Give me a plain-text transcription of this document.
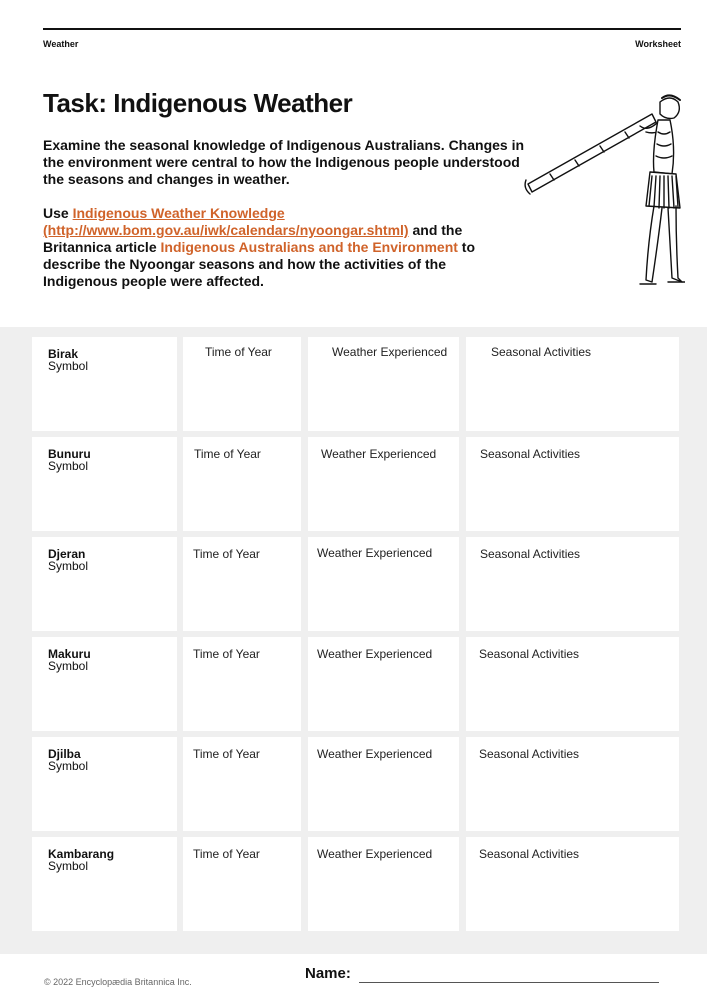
Weather	Worksheet
Task: Indigenous Weather

Examine the seasonal knowledge of Indigenous Australians. Changes in the environment were central to how the Indigenous people understood the seasons and changes in weather.

Use Indigenous Weather Knowledge
(http://www.bom.gov.au/iwk/calendars/nyoongar.shtml) and the Britannica article Indigenous Australians and the Environment to describe the Nyoongar seasons and how the activities of the Indigenous people were affected.

Birak
Symbol
Time of Year	Weather Experienced	Seasonal Activities
Bunuru
Symbol
Time of Year	Weather Experienced	Seasonal Activities
Djeran
Symbol
Time of Year	Weather Experienced	Seasonal Activities
Makuru
Symbol
Time of Year	Weather Experienced	Seasonal Activities
Djilba
Symbol
Time of Year	Weather Experienced	Seasonal Activities
Kambarang
Symbol
Time of Year	Weather Experienced	Seasonal Activities
© 2022 Encyclopædia Britannica Inc.	Name:
